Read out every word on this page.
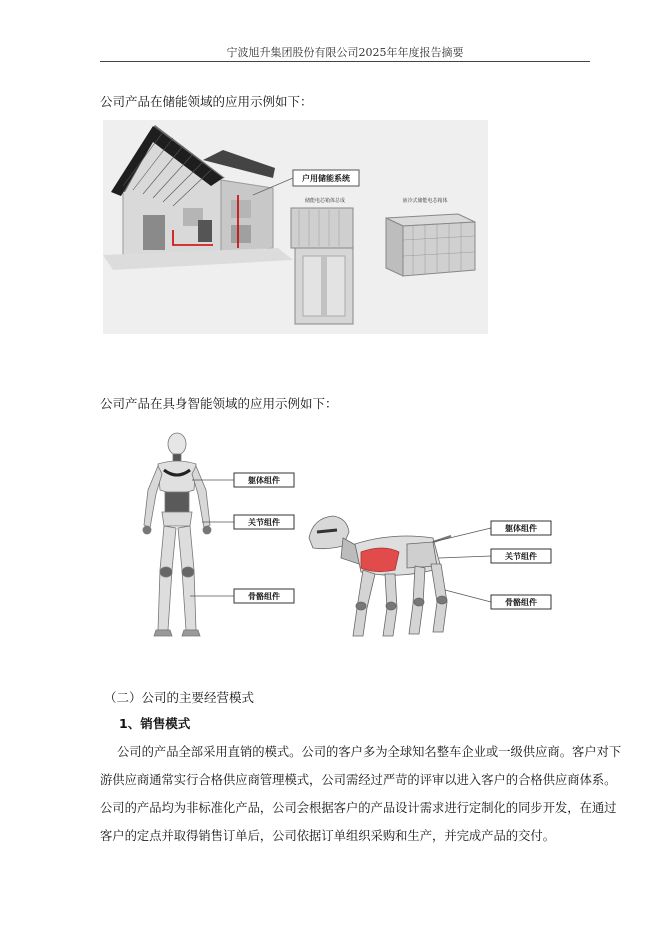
宁波旭升集团股份有限公司2025年年度报告摘要
公司产品在储能领域的应用示例如下：
户用储能系统
储能电芯箱体总成	液冷式储能电芯箱体
公司产品在具身智能领域的应用示例如下：
躯体组件
关节组件
骨骼组件
躯体组件
关节组件
骨骼组件
（二）公司的主要经营模式
1、销售模式
公司的产品全部采用直销的模式。公司的客户多为全球知名整车企业或一级供应商。客户对下
游供应商通常实行合格供应商管理模式，公司需经过严苛的评审以进入客户的合格供应商体系。
公司的产品均为非标准化产品，公司会根据客户的产品设计需求进行定制化的同步开发，在通过
客户的定点并取得销售订单后，公司依据订单组织采购和生产，并完成产品的交付。
